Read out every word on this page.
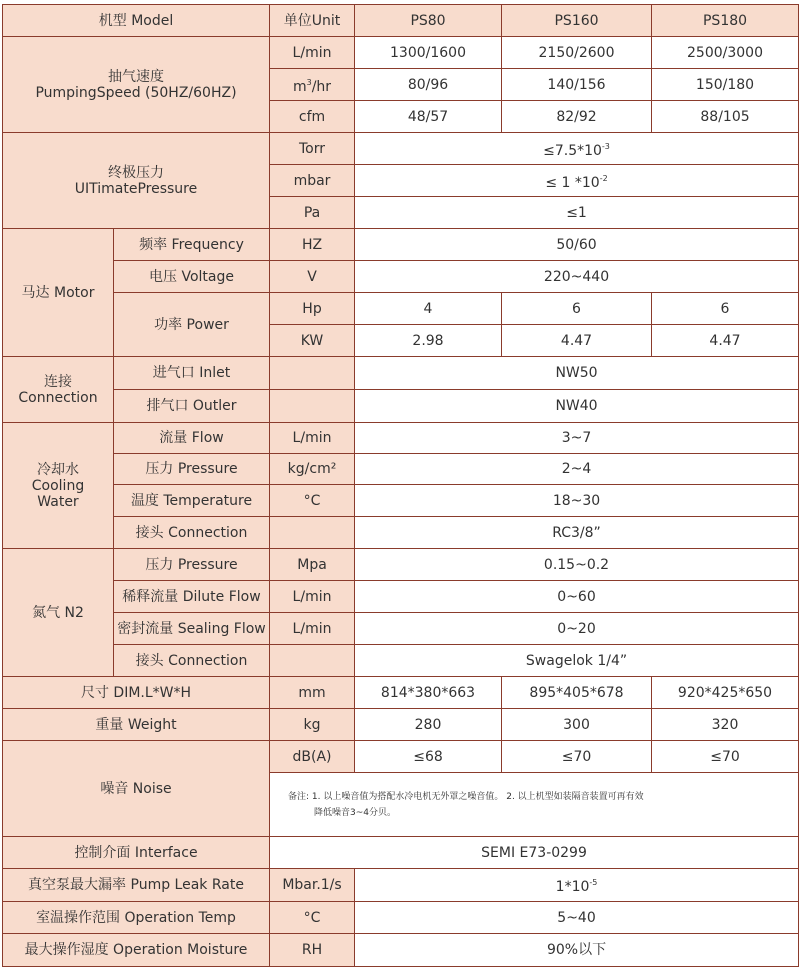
机型 Model		单位Unit	PS80	PS160	PS180

抽气速度
PumpingSpeed (50HZ/60HZ)		L/min	1300/1600	2150/2600	2500/3000
		$m^3/hr$	80/96	140/156	150/180
		cfm	48/57	82/92	88/105

终极压力
UITimatePressure		Torr	$\le 7.5*10^{-3}$
		mbar	≤ 1 $*10^{-2}$
		Pa	≤1		
马达 Motor	频率 Frequency	HZ	50/60		
	电压 Voltage	V	220~440		
	功率 Power	Hp	4	6	6
		KW	2.98	4.47	4.47

连接
Connection	进气口 Inlet		NW50		
	排气口 Outler		NW40		

冷却水
Cooling
Water	流量 Flow	L/min	3~7		
	压力 Pressure	kg/cm²	2~4		
	温度 Temperature	°C	18~30		
	接头 Connection		RC3/8”		
氮气 N2	压力 Pressure	Mpa	0.15~0.2		
	稀释流量 Dilute Flow	L/min	0~60		
	密封流量 Sealing Flow	L/min	0~20		
	接头 Connection		Swagelok 1/4”		
尺寸 DIM.L*W*H		mm	814*380*663	895*405*678	920*425*650
重量 Weight		kg	280	300	320
噪音 Noise		dB(A)	≤68	≤70	≤70

		备注: 1. 以上噪音值为搭配水冷电机无外罩之噪音值。 2. 以上机型如装隔音装置可再有效
降低噪音3~4分贝。			

控制介面 Interface		SEMI E73-0299			
真空泵最大漏率 Pump Leak Rate		Mbar.1/s	$1*10^{-5}$
室温操作范围 Operation Temp		°C	5~40		
最大操作湿度 Operation Moisture		RH	90%以下		
